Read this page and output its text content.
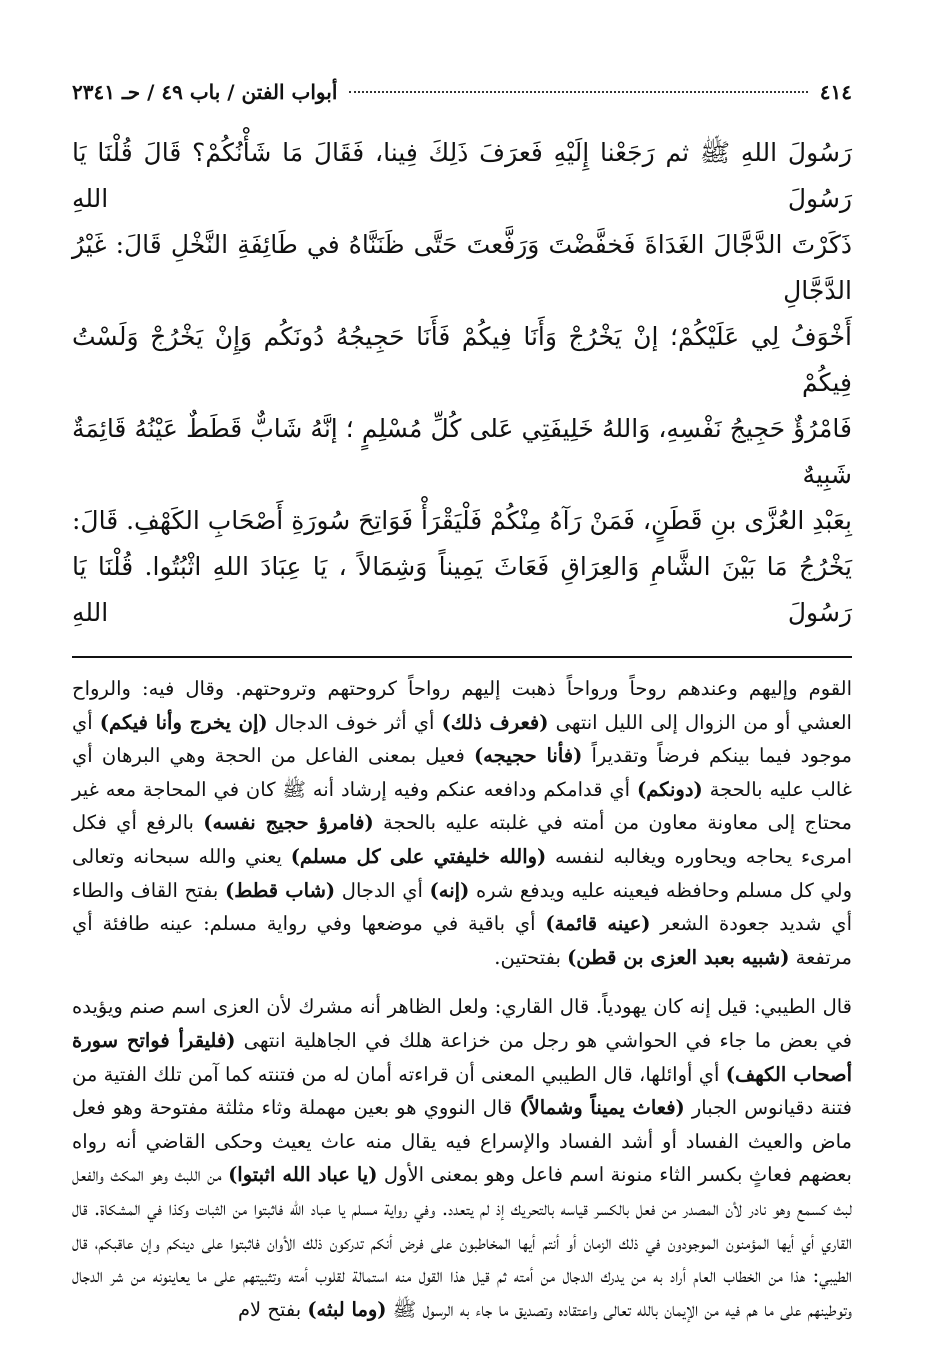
٤١٤
أبواب الفتن / باب ٤٩ / حـ ٢٣٤١

رَسُولَ اللهِ ﷺ ثم رَجَعْنا إِلَيْهِ فَعرَفَ ذَلِكَ فِينا، فَقَالَ مَا شَأْنُكُمْ؟ قَالَ قُلْنَا يَا رَسُولَ اللهِ

ذَكَرْتَ الدَّجَّالَ الغَدَاةَ فَخفَّضْتَ وَرَفَّعتَ حَتَّى ظَنَنَّاهُ في طَائِفَةِ النَّخْلِ قَالَ: غَيْرُ الدَّجَّالِ

أَخْوَفُ لِي عَلَيْكُمْ؛ إنْ يَخْرُجْ وَأَنَا فِيكُمْ فَأَنَا حَجِيجُهُ دُونَكُم وَإِنْ يَخْرُجْ وَلَسْتُ فِيكُمْ

فَامْرُؤٌ حَجِيجُ نَفْسِهِ، وَاللهُ خَلِيفَتِي عَلى كُلِّ مُسْلِمٍ ؛ إنَّهُ شَابٌّ قَطَطٌ عَيْنُهُ قَائِمَةٌ شَبِيهٌ

بِعَبْدِ العُزَّى بنِ قَطَنٍ، فَمَنْ رَآهُ مِنْكُمْ فَلْيَقْرَأْ فَوَاتِحَ سُورَةِ أَصْحَابِ الكَهْفِ. قَالَ:

يَخْرُجُ مَا بَيْنَ الشَّامِ وَالعِرَاقِ فَعَاثَ يَمِيناً وَشِمَالاً ، يَا عِبَادَ اللهِ اثْبُتُوا. قُلْنَا يَا رَسُولَ اللهِ

القوم وإليهم وعندهم روحاً ورواحاً ذهبت إليهم رواحاً كروحتهم وتروحتهم. وقال فيه: والرواح العشي أو من الزوال إلى الليل انتهى (فعرف ذلك) أي أثر خوف الدجال (إن يخرج وأنا فيكم) أي موجود فيما بينكم فرضاً وتقديراً (فأنا حجيجه) فعيل بمعنى الفاعل من الحجة وهي البرهان أي غالب عليه بالحجة (دونكم) أي قدامكم ودافعه عنكم وفيه إرشاد أنه ﷺ كان في المحاجة معه غير محتاج إلى معاونة معاون من أمته في غلبته عليه بالحجة (فامرؤ حجيج نفسه) بالرفع أي فكل امرىء يحاجه ويحاوره ويغالبه لنفسه (والله خليفتي على كل مسلم) يعني والله سبحانه وتعالى ولي كل مسلم وحافظه فيعينه عليه ويدفع شره (إنه) أي الدجال (شاب قطط) بفتح القاف والطاء أي شديد جعودة الشعر (عينه قائمة) أي باقية في موضعها وفي رواية مسلم: عينه طافئة أي مرتفعة (شبيه بعبد العزى بن قطن) بفتحتين.

قال الطيبي: قيل إنه كان يهودياً. قال القاري: ولعل الظاهر أنه مشرك لأن العزى اسم صنم ويؤيده في بعض ما جاء في الحواشي هو رجل من خزاعة هلك في الجاهلية انتهى (فليقرأ فواتح سورة أصحاب الكهف) أي أوائلها، قال الطيبي المعنى أن قراءته أمان له من فتنته كما آمن تلك الفتية من فتنة دقيانوس الجبار (فعاث يميناً وشمالاً) قال النووي هو بعين مهملة وثاء مثلثة مفتوحة وهو فعل ماض والعيث الفساد أو أشد الفساد والإسراع فيه يقال منه عاث يعيث وحكى القاضي أنه رواه بعضهم فعاثٍ بكسر الثاء منونة اسم فاعل وهو بمعنى الأول (يا عباد الله اثبتوا) من اللبث وهو المكث والفعل لبث كسمع وهو نادر لأن المصدر من فعل بالكسر قياسه بالتحريك إذ لم يتعدد. وفي رواية مسلم يا عباد الله فاثبتوا من الثبات وكذا في المشكاة. قال القاري أي أيها المؤمنون الموجودون في ذلك الزمان أو أنتم أيها المخاطبون على فرض أنكم تدركون ذلك الأوان فاثبتوا على دينكم وإن عاقبكم، قال الطيبي: هذا من الخطاب العام أراد به من يدرك الدجال من أمته ثم قيل هذا القول منه استمالة لقلوب أمته وتثبيتهم على ما يعاينونه من شر الدجال وتوطينهم على ما هم فيه من الإيمان بالله تعالى واعتقاده وتصديق ما جاء به الرسول ﷺ (وما لبثه) بفتح لام
